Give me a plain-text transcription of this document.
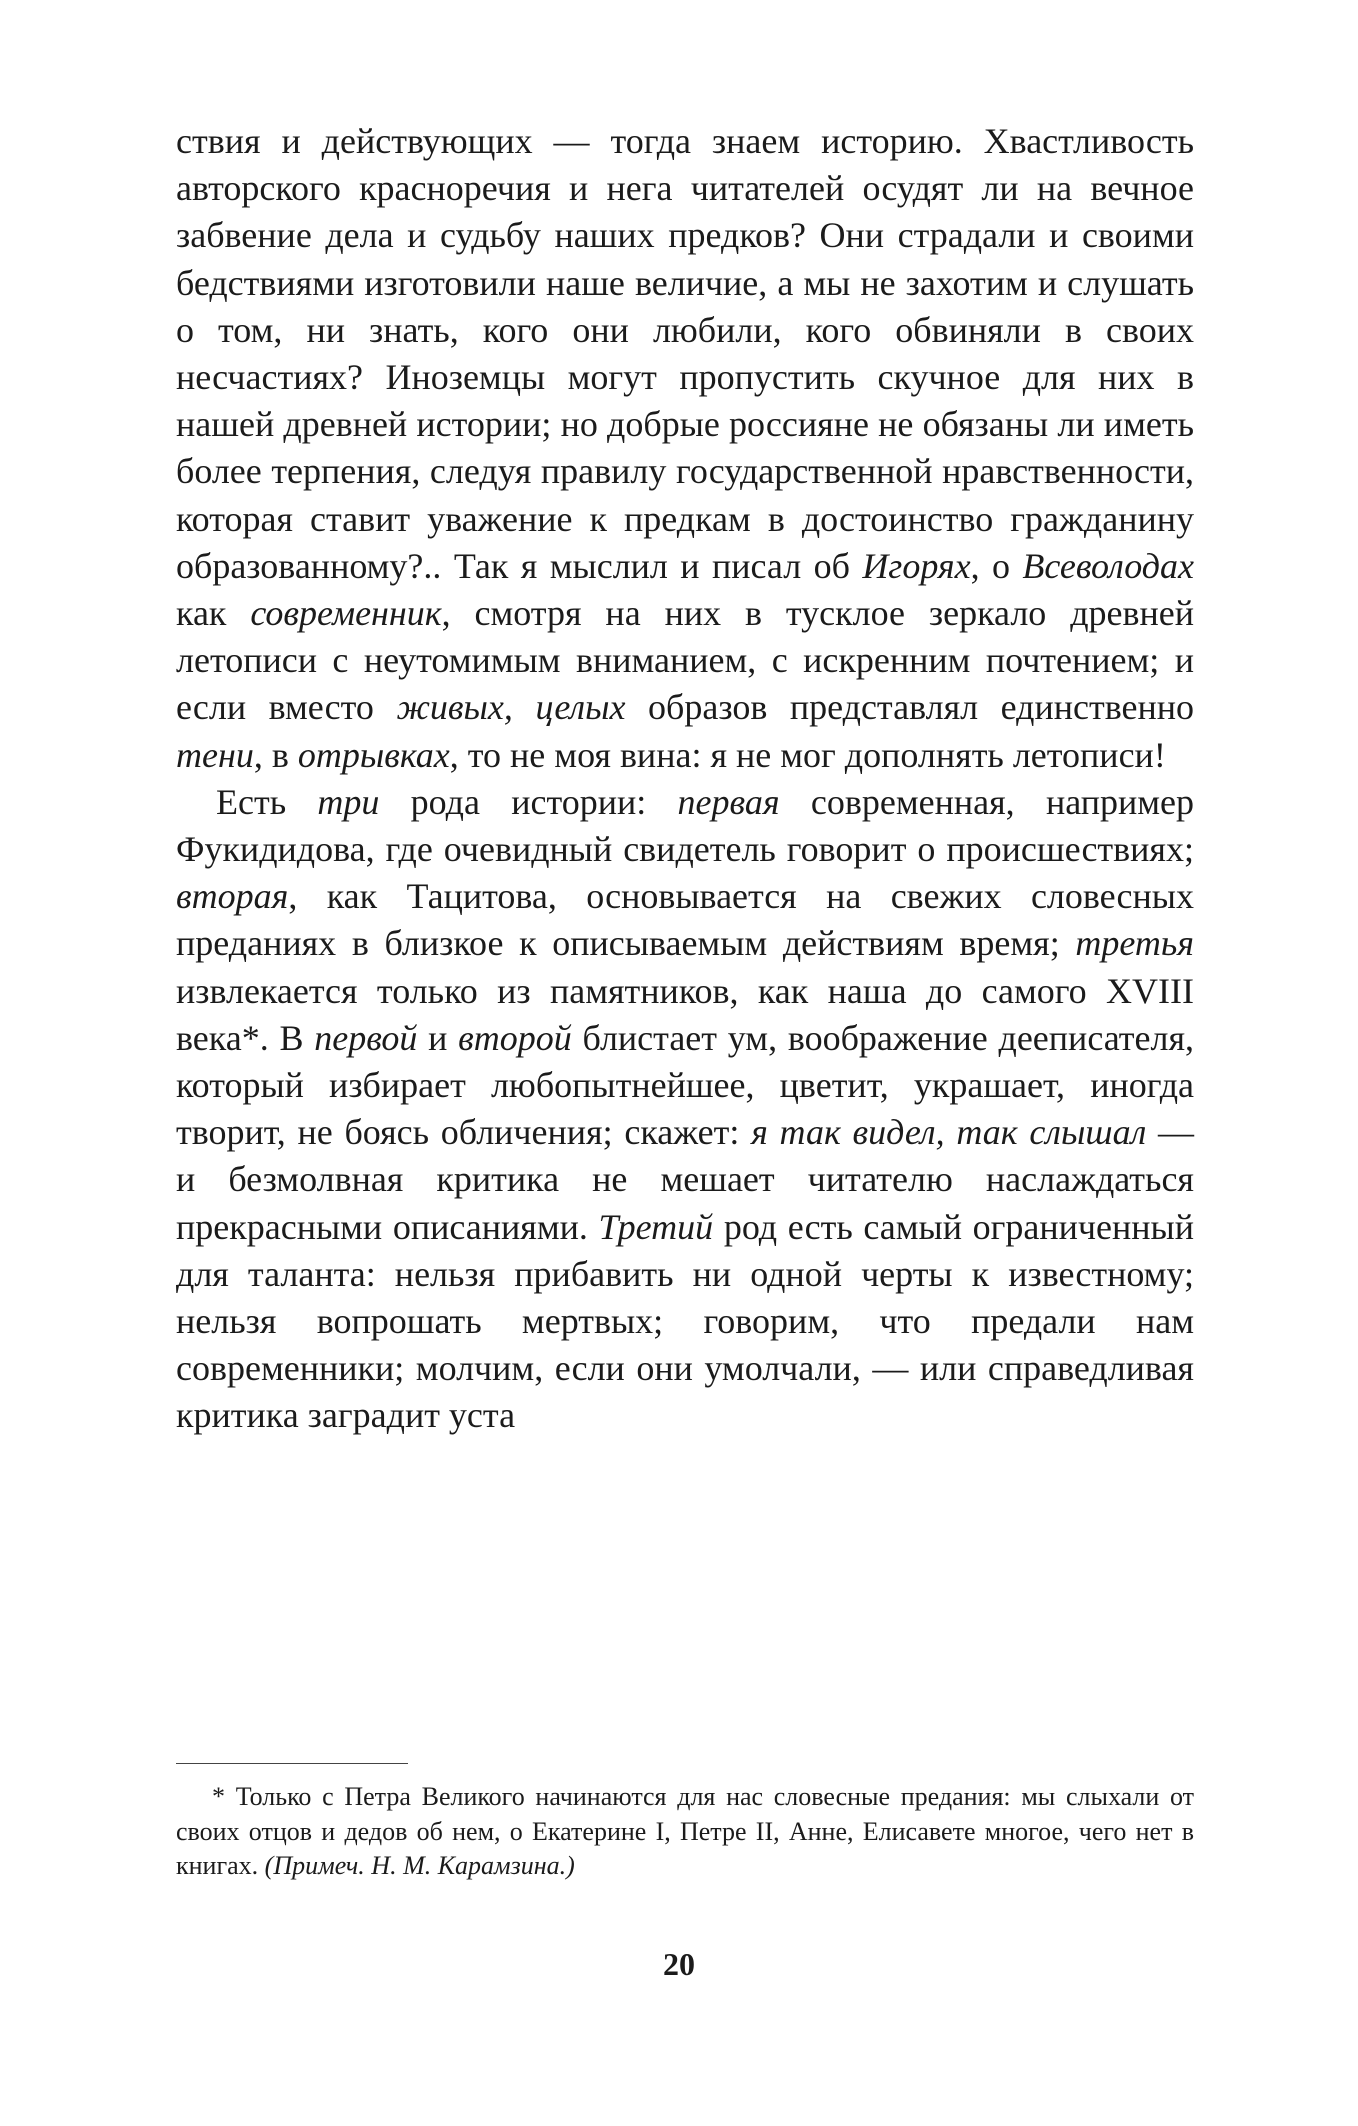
ствия и действующих — тогда знаем историю. Хвастливость авторского красноречия и нега читателей осудят ли на вечное забвение дела и судьбу наших предков? Они страдали и своими бедствиями изготовили наше величие, а мы не захотим и слушать о том, ни знать, кого они любили, кого обвиняли в своих несчастиях? Иноземцы могут пропустить скучное для них в нашей древней истории; но добрые россияне не обязаны ли иметь более терпения, следуя правилу государственной нравственности, которая ставит уважение к предкам в достоинство гражданину образованному?.. Так я мыслил и писал об Игорях, о Всеволодах как современник, смотря на них в тусклое зеркало древней летописи с неутомимым вниманием, с искренним почтением; и если вместо живых, целых образов представлял единственно тени, в отрывках, то не моя вина: я не мог дополнять летописи!

Есть три рода истории: первая современная, например Фукидидова, где очевидный свидетель говорит о происшествиях; вторая, как Тацитова, основывается на свежих словесных преданиях в близкое к описываемым действиям время; третья извлекается только из памятников, как наша до самого XVIII века*. В первой и второй блистает ум, воображение деeписателя, который избирает любопытнейшее, цветит, украшает, иногда творит, не боясь обличения; скажет: я так видел, так слышал — и безмолвная критика не мешает читателю наслаждаться прекрасными описаниями. Третий род есть самый ограниченный для таланта: нельзя прибавить ни одной черты к известному; нельзя вопрошать мертвых; говорим, что предали нам современники; молчим, если они умолчали, — или справедливая критика заградит уста

* Только с Петра Великого начинаются для нас словесные предания: мы слыхали от своих отцов и дедов об нем, о Екатерине I, Петре II, Анне, Елисавете многое, чего нет в книгах. (Примеч. Н. М. Карамзина.)

20
